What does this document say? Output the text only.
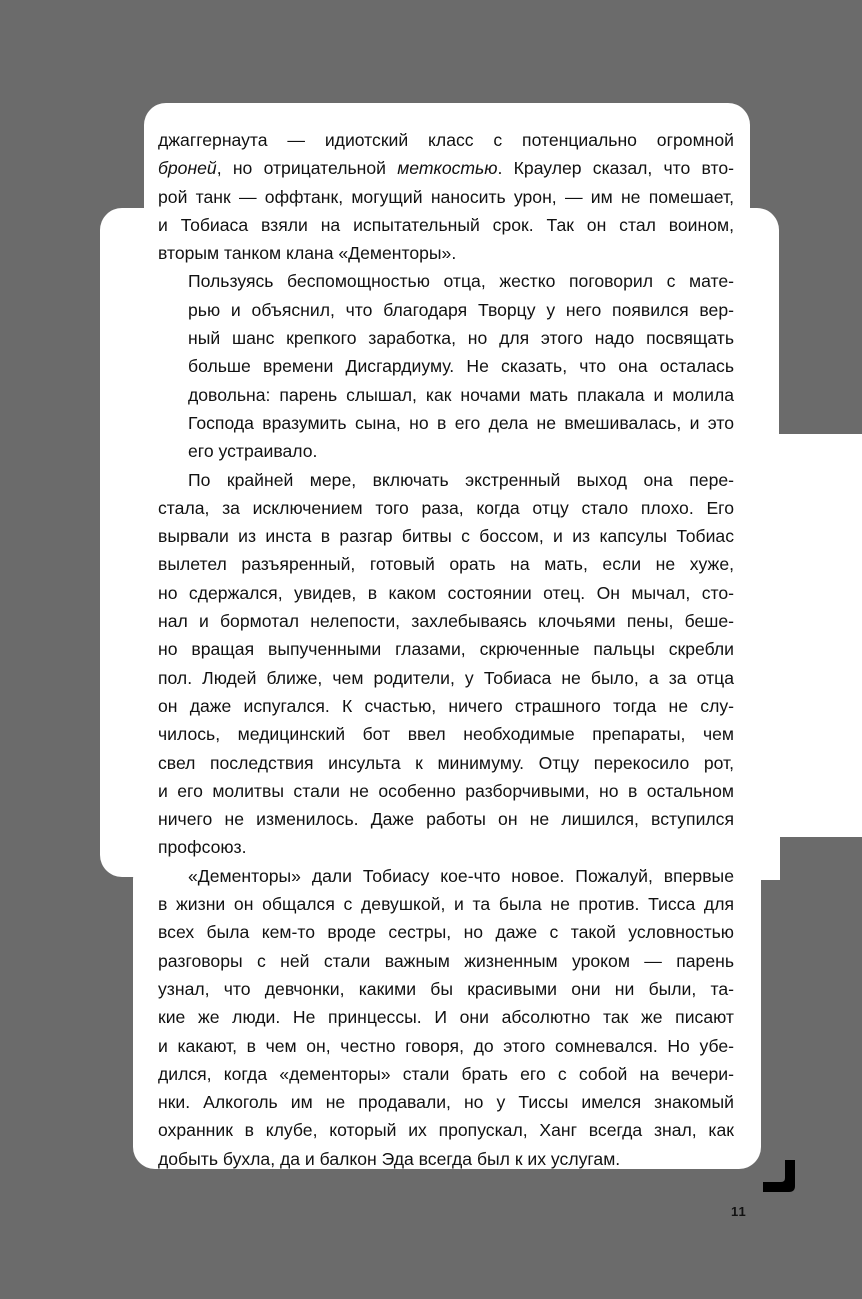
джаггернаута — идиотский класс с потенциально огромной
броней, но отрицательной меткостью. Краулер сказал, что вто-
рой танк — оффтанк, могущий наносить урон, — им не помешает,
и Тобиаса взяли на испытательный срок. Так он стал воином,
вторым танком клана «Дементоры».

Пользуясь беспомощностью отца, жестко поговорил с мате-
рью и объяснил, что благодаря Творцу у него появился вер-
ный шанс крепкого заработка, но для этого надо посвящать
больше времени Дисгардиуму. Не сказать, что она осталась
довольна: парень слышал, как ночами мать плакала и молила
Господа вразумить сына, но в его дела не вмешивалась, и это
его устраивало.

По крайней мере, включать экстренный выход она пере-
стала, за исключением того раза, когда отцу стало плохо. Его
вырвали из инста в разгар битвы с боссом, и из капсулы Тобиас
вылетел разъяренный, готовый орать на мать, если не хуже,
но сдержался, увидев, в каком состоянии отец. Он мычал, сто-
нал и бормотал нелепости, захлебываясь клочьями пены, беше-
но вращая выпученными глазами, скрюченные пальцы скребли
пол. Людей ближе, чем родители, у Тобиаса не было, а за отца
он даже испугался. К счастью, ничего страшного тогда не слу-
чилось, медицинский бот ввел необходимые препараты, чем
свел последствия инсульта к минимуму. Отцу перекосило рот,
и его молитвы стали не особенно разборчивыми, но в остальном
ничего не изменилось. Даже работы он не лишился, вступился
профсоюз.

«Дементоры» дали Тобиасу кое-что новое. Пожалуй, впервые
в жизни он общался с девушкой, и та была не против. Тисса для
всех была кем-то вроде сестры, но даже с такой условностью
разговоры с ней стали важным жизненным уроком — парень
узнал, что девчонки, какими бы красивыми они ни были, та-
кие же люди. Не принцессы. И они абсолютно так же писают
и какают, в чем он, честно говоря, до этого сомневался. Но убе-
дился, когда «дементоры» стали брать его с собой на вечери-
нки. Алкоголь им не продавали, но у Тиссы имелся знакомый
охранник в клубе, который их пропускал, Ханг всегда знал, как
добыть бухла, да и балкон Эда всегда был к их услугам.

11
